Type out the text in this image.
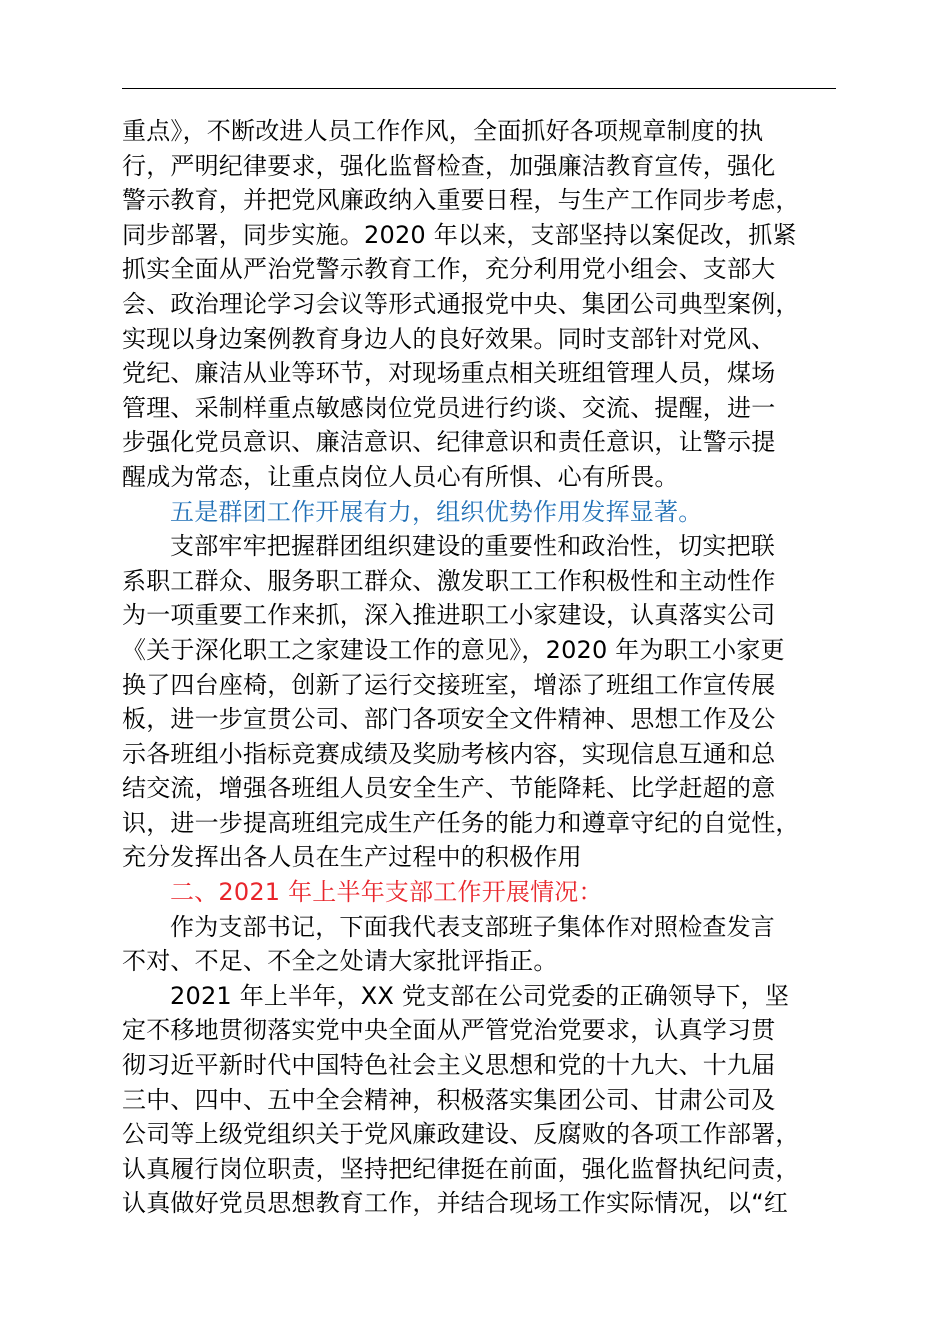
重点》，不断改进人员工作作风，全面抓好各项规章制度的执
行，严明纪律要求，强化监督检查，加强廉洁教育宣传，强化
警示教育，并把党风廉政纳入重要日程，与生产工作同步考虑，
同步部署，同步实施。2020 年以来，支部坚持以案促改，抓紧
抓实全面从严治党警示教育工作，充分利用党小组会、支部大
会、政治理论学习会议等形式通报党中央、集团公司典型案例，
实现以身边案例教育身边人的良好效果。同时支部针对党风、
党纪、廉洁从业等环节，对现场重点相关班组管理人员，煤场
管理、采制样重点敏感岗位党员进行约谈、交流、提醒，进一
步强化党员意识、廉洁意识、纪律意识和责任意识，让警示提
醒成为常态，让重点岗位人员心有所惧、心有所畏。

五是群团工作开展有力，组织优势作用发挥显著。

支部牢牢把握群团组织建设的重要性和政治性，切实把联
系职工群众、服务职工群众、激发职工工作积极性和主动性作
为一项重要工作来抓，深入推进职工小家建设，认真落实公司
《关于深化职工之家建设工作的意见》，2020 年为职工小家更
换了四台座椅，创新了运行交接班室，增添了班组工作宣传展
板，进一步宣贯公司、部门各项安全文件精神、思想工作及公
示各班组小指标竞赛成绩及奖励考核内容，实现信息互通和总
结交流，增强各班组人员安全生产、节能降耗、比学赶超的意
识，进一步提高班组完成生产任务的能力和遵章守纪的自觉性，
充分发挥出各人员在生产过程中的积极作用

二、2021 年上半年支部工作开展情况：

作为支部书记，下面我代表支部班子集体作对照检查发言
不对、不足、不全之处请大家批评指正。

2021 年上半年，XX 党支部在公司党委的正确领导下，坚
定不移地贯彻落实党中央全面从严管党治党要求，认真学习贯
彻习近平新时代中国特色社会主义思想和党的十九大、十九届
三中、四中、五中全会精神，积极落实集团公司、甘肃公司及
公司等上级党组织关于党风廉政建设、反腐败的各项工作部署，
认真履行岗位职责，坚持把纪律挺在前面，强化监督执纪问责，
认真做好党员思想教育工作，并结合现场工作实际情况，以“红
